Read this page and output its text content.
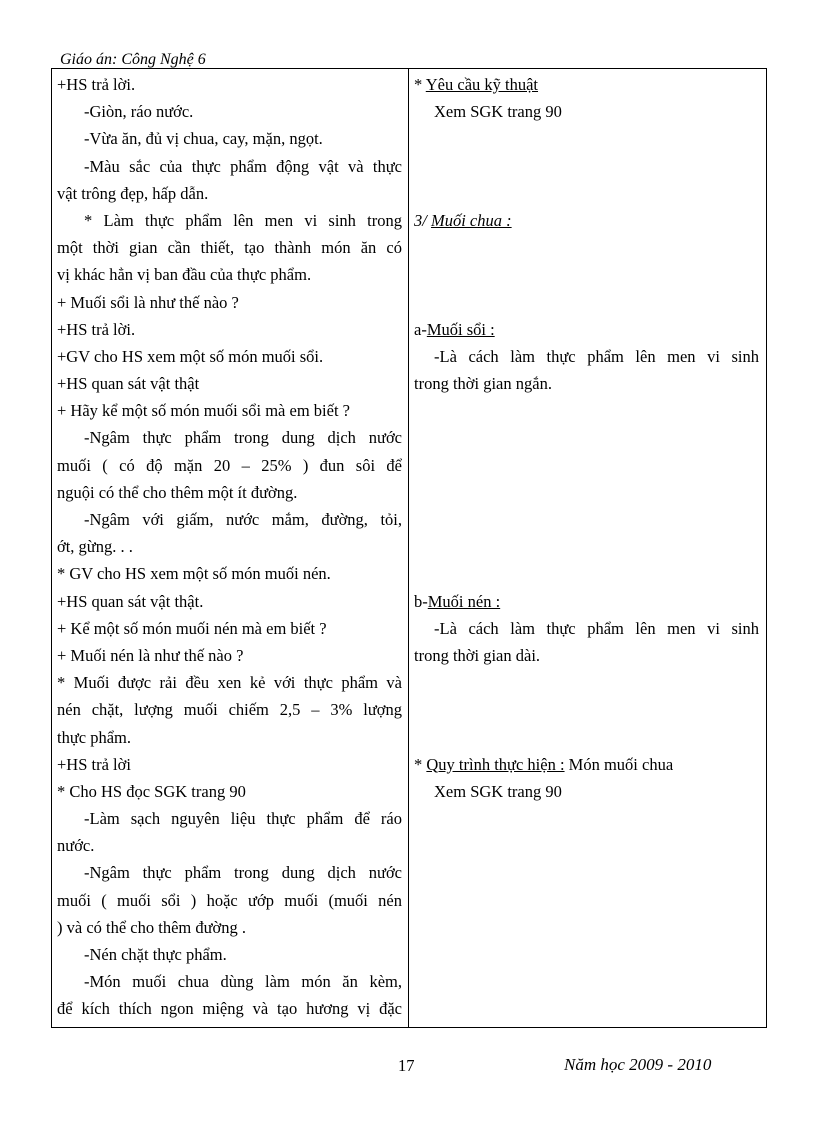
Giáo án: Công Nghệ 6
+HS trả lời.
-Giòn, ráo nước.
-Vừa ăn, đủ vị chua, cay, mặn, ngọt.
-Màu sắc của thực phẩm động vật và thực
vật trông đẹp, hấp dẫn.
* Làm thực phẩm lên men vi sinh trong
một thời gian cần thiết, tạo thành món ăn có
vị khác hẳn vị ban đầu của thực phẩm.
+ Muối sổi là như thế nào ?
+HS trả lời.
+GV cho HS xem một số món muối sổi.
+HS quan sát vật thật
+ Hãy kể một số món muối sổi mà em biết ?
-Ngâm thực phẩm trong dung dịch nước
muối ( có độ mặn 20 – 25% ) đun sôi để
nguội có thể cho thêm một ít đường.
-Ngâm với giấm, nước mắm, đường, tỏi,
ớt, gừng. . .
* GV cho HS xem một số món muối nén.
+HS quan sát vật thật.
+ Kể một số món muối nén mà em biết ?
+ Muối nén là như thế nào ?
* Muối được rải đều xen kẻ với thực phẩm và
nén chặt, lượng muối chiếm 2,5 – 3% lượng
thực phẩm.
+HS trả lời
* Cho HS đọc SGK trang 90
-Làm sạch nguyên liệu thực phẩm để ráo
nước.
-Ngâm thực phẩm trong dung dịch nước
muối ( muối sổi ) hoặc ướp muối (muối nén
) và có thể cho thêm đường .
-Nén chặt thực phẩm.
-Món muối chua dùng làm món ăn kèm,
để kích thích ngon miệng và tạo hương vị đặc
* Yêu cầu kỹ thuật
Xem SGK trang 90
3/ Muối chua :
a-Muối sổi :
-Là cách làm thực phẩm lên men vi sinh
trong thời gian ngắn.
b-Muối nén :
-Là cách làm thực phẩm lên men vi sinh
trong thời gian dài.
* Quy trình thực hiện : Món muối chua
Xem SGK trang 90
17	Năm học 2009 - 2010
